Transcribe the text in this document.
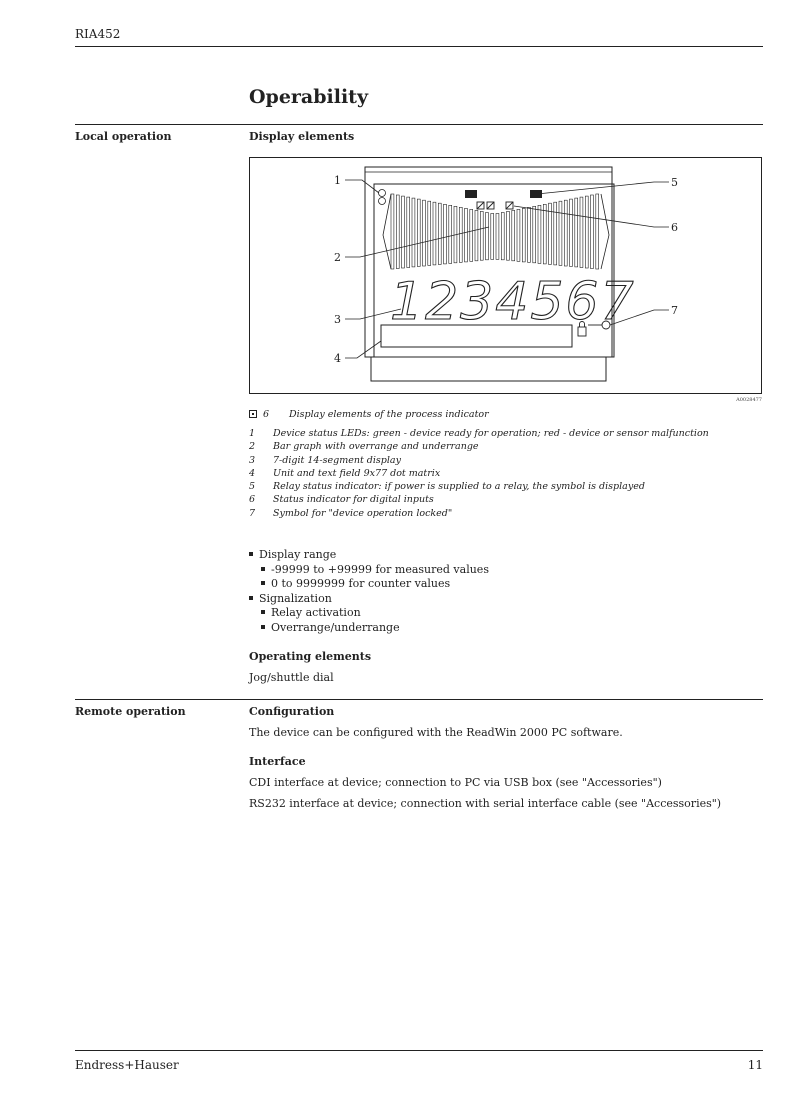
RIA452
Operability
Local operation	Display elements
1234567
1
2
3
4
5
6
7
A0028477
6 Display elements of the process indicator
1 Device status LEDs: green - device ready for operation; red - device or sensor malfunction
2 Bar graph with overrange and underrange
3 7-digit 14-segment display
4 Unit and text field 9x77 dot matrix
5 Relay status indicator: if power is supplied to a relay, the symbol is displayed
6 Status indicator for digital inputs
7 Symbol for "device operation locked"
Display range
-99999 to +99999 for measured values
0 to 9999999 for counter values
Signalization
Relay activation
Overrange/underrange
Operating elements
Jog/shuttle dial
Remote operation	Configuration
The device can be configured with the ReadWin 2000 PC software.
Interface
CDI interface at device; connection to PC via USB box (see "Accessories")
RS232 interface at device; connection with serial interface cable (see "Accessories")
Endress+Hauser	11
